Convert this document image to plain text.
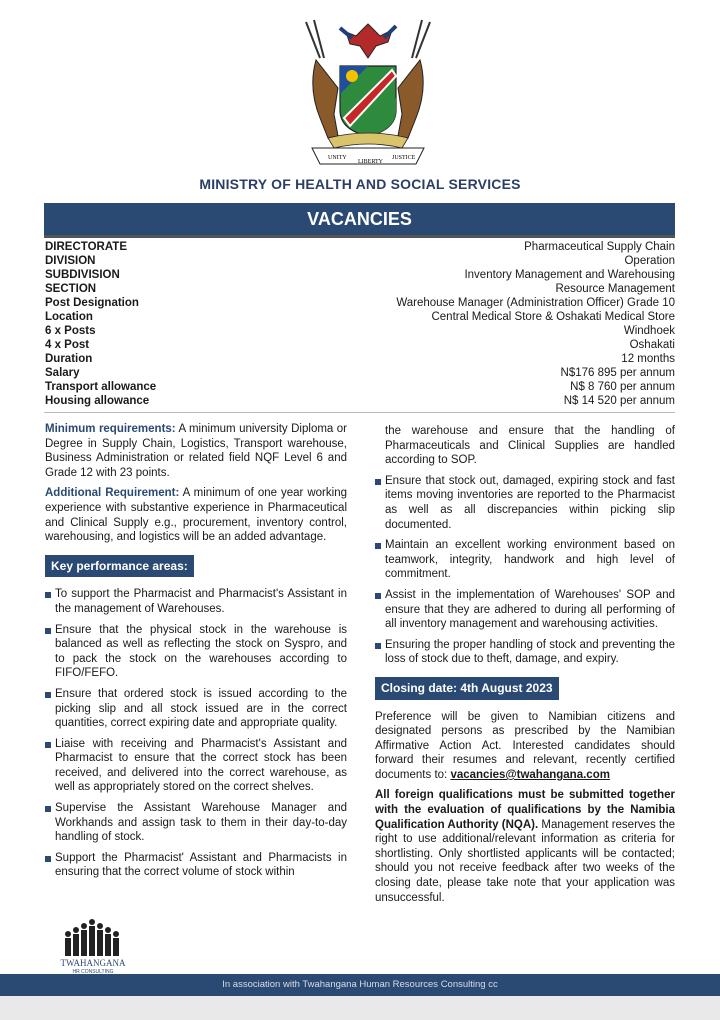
UNITY
LIBERTY
JUSTICE
MINISTRY OF HEALTH AND SOCIAL SERVICES
VACANCIES
DIRECTORATE	Pharmaceutical Supply Chain
DIVISION	Operation
SUBDIVISION	Inventory Management and Warehousing
SECTION	Resource Management
Post Designation	Warehouse Manager (Administration Officer) Grade 10
Location	Central Medical Store & Oshakati Medical Store
6 x Posts	Windhoek
4 x Post	Oshakati
Duration	12 months
Salary	N$176 895 per annum
Transport allowance	N$ 8 760 per annum
Housing allowance	N$ 14 520 per annum

Minimum requirements: A minimum university Diploma or Degree in Supply Chain, Logistics, Transport warehouse, Business Administration or related field NQF Level 6 and Grade 12 with 23 points.

Additional Requirement: A minimum of one year working experience with substantive experience in Pharmaceutical and Clinical Supply e.g., procurement, inventory control, warehousing, and logistics will be an added advantage.

Key performance areas:
To support the Pharmacist and Pharmacist's Assistant in the management of Warehouses.
Ensure that the physical stock in the warehouse is balanced as well as reflecting the stock on Syspro, and to pack the stock on the warehouses according to FIFO/FEFO.
Ensure that ordered stock is issued according to the picking slip and all stock issued are in the correct quantities, correct expiring date and appropriate quality.
Liaise with receiving and Pharmacist's Assistant and Pharmacist to ensure that the correct stock has been received, and delivered into the correct warehouse, as well as appropriately stored on the correct shelves.
Supervise the Assistant Warehouse Manager and Workhands and assign task to them in their day-to-day handling of stock.
Support the Pharmacist' Assistant and Pharmacists in ensuring that the correct volume of stock within

the warehouse and ensure that the handling of Pharmaceuticals and Clinical Supplies are handled according to SOP.

Ensure that stock out, damaged, expiring stock and fast items moving inventories are reported to the Pharmacist as well as all discrepancies within picking slip documented.
Maintain an excellent working environment based on teamwork, integrity, handwork and high level of commitment.
Assist in the implementation of Warehouses' SOP and ensure that they are adhered to during all performing of all inventory management and warehousing activities.
Ensuring the proper handling of stock and preventing the loss of stock due to theft, damage, and expiry.
Closing date: 4th August 2023

Preference will be given to Namibian citizens and designated persons as prescribed by the Namibian Affirmative Action Act. Interested candidates should forward their resumes and relevant, recently certified documents to: vacancies@twahangana.com

All foreign qualifications must be submitted together with the evaluation of qualifications by the Namibia Qualification Authority (NQA). Management reserves the right to use additional/relevant information as criteria for shortlisting. Only shortlisted applicants will be contacted; should you not receive feedback after two weeks of the closing date, please take note that your application was unsuccessful.

TWAHANGANA
HR CONSULTING
In association with Twahangana Human Resources Consulting cc
